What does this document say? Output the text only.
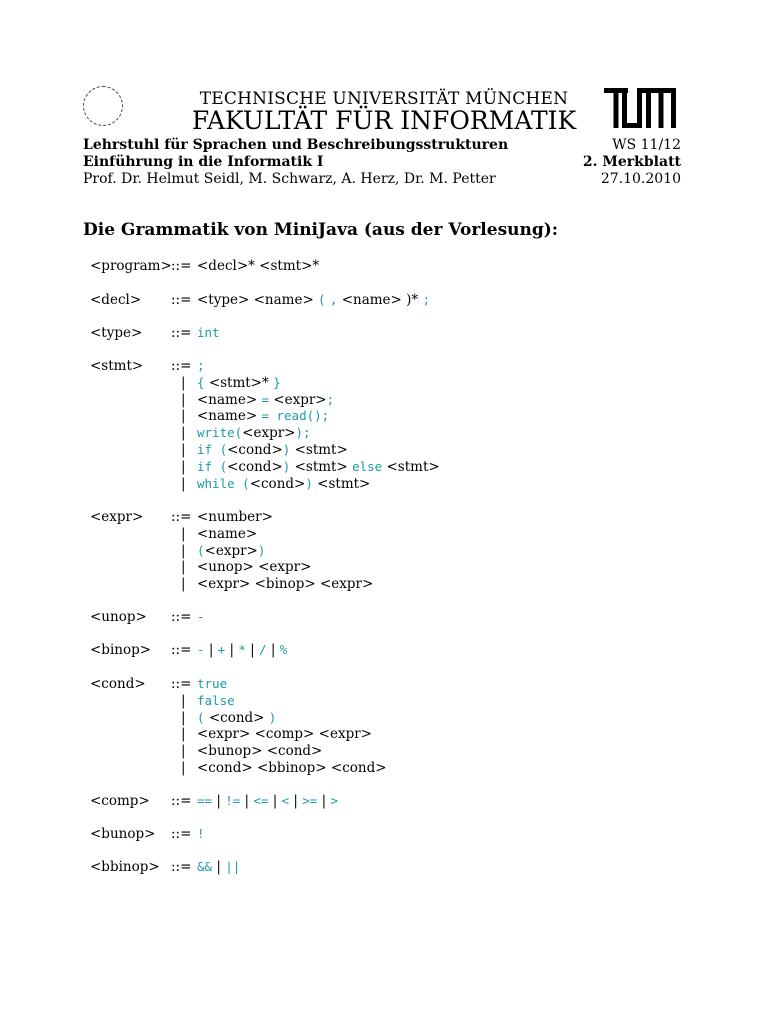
TECHNISCHE UNIVERSITÄT MÜNCHEN
FAKULTÄT FÜR INFORMATIK
Lehrstuhl für Sprachen und Beschreibungsstrukturen	WS 11/12
Einführung in die Informatik I	2. Merkblatt
Prof. Dr. Helmut Seidl, M. Schwarz, A. Herz, Dr. M. Petter	27.10.2010
Die Grammatik von MiniJava (aus der Vorlesung):
<program> ::= <decl>* <stmt>*
<decl> ::= <type> <name> ( , <name> )* ;
<type> ::= int
<stmt> ::= ;
| { <stmt>* }
| <name> = <expr>;
| <name> = read();
| write(<expr>);
| if (<cond>) <stmt>
| if (<cond>) <stmt> else <stmt>
| while (<cond>) <stmt>
<expr> ::= <number>
| <name>
| (<expr>)
| <unop> <expr>
| <expr> <binop> <expr>
<unop> ::= -
<binop> ::= - | + | * | / | %
<cond> ::= true
| false
| ( <cond> )
| <expr> <comp> <expr>
| <bunop> <cond>
| <cond> <bbinop> <cond>
<comp> ::= == | != | <= | < | >= | >
<bunop> ::= !
<bbinop> ::= && | ||
